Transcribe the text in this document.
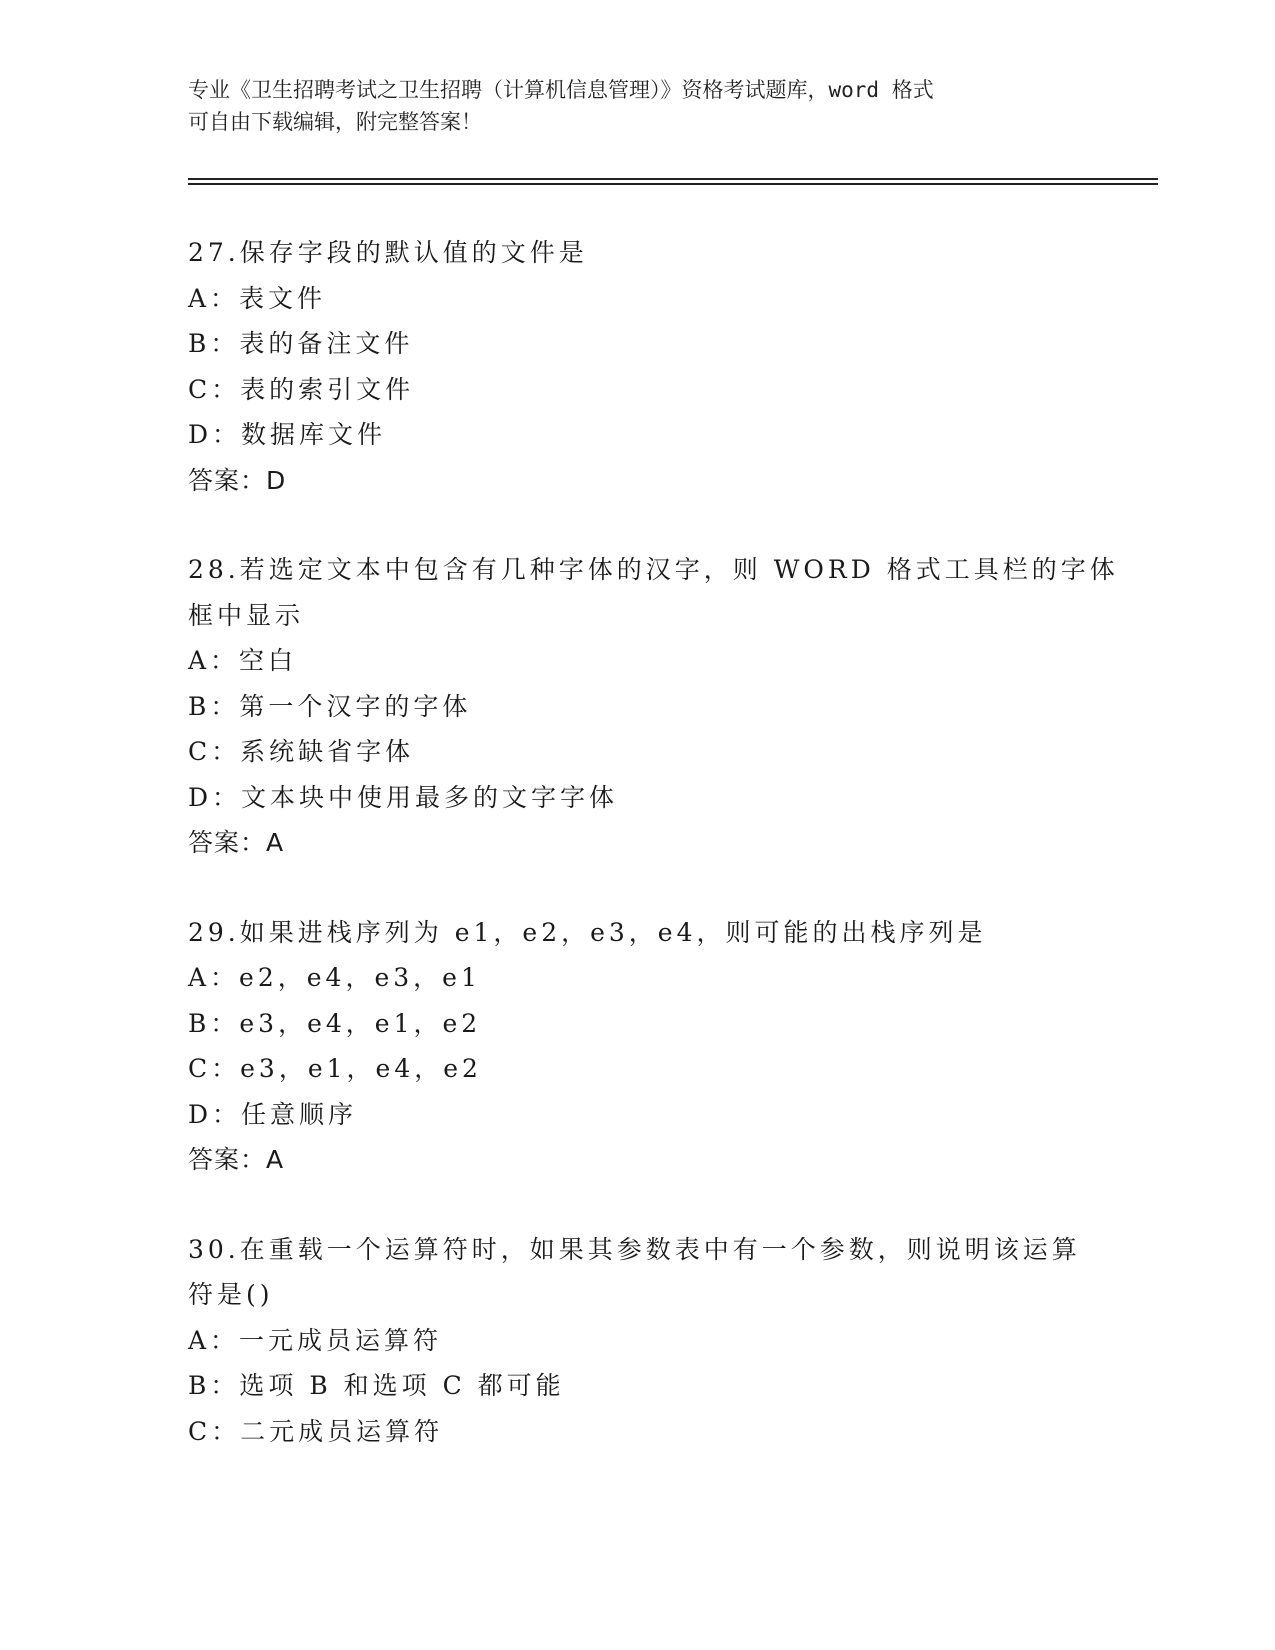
专业《卫生招聘考试之卫生招聘（计算机信息管理）》资格考试题库，word 格式
可自由下载编辑，附完整答案！
27.保存字段的默认值的文件是
A：表文件
B：表的备注文件
C：表的索引文件
D：数据库文件
答案：D
28.若选定文本中包含有几种字体的汉字，则 WORD 格式工具栏的字体
框中显示
A：空白
B：第一个汉字的字体
C：系统缺省字体
D：文本块中使用最多的文字字体
答案：A
29.如果进栈序列为 e1，e2，e3，e4，则可能的出栈序列是
A：e2，e4，e3，e1
B：e3，e4，e1，e2
C：e3，e1，e4，e2
D：任意顺序
答案：A
30.在重载一个运算符时，如果其参数表中有一个参数，则说明该运算
符是()
A：一元成员运算符
B：选项 B 和选项 C 都可能
C：二元成员运算符
